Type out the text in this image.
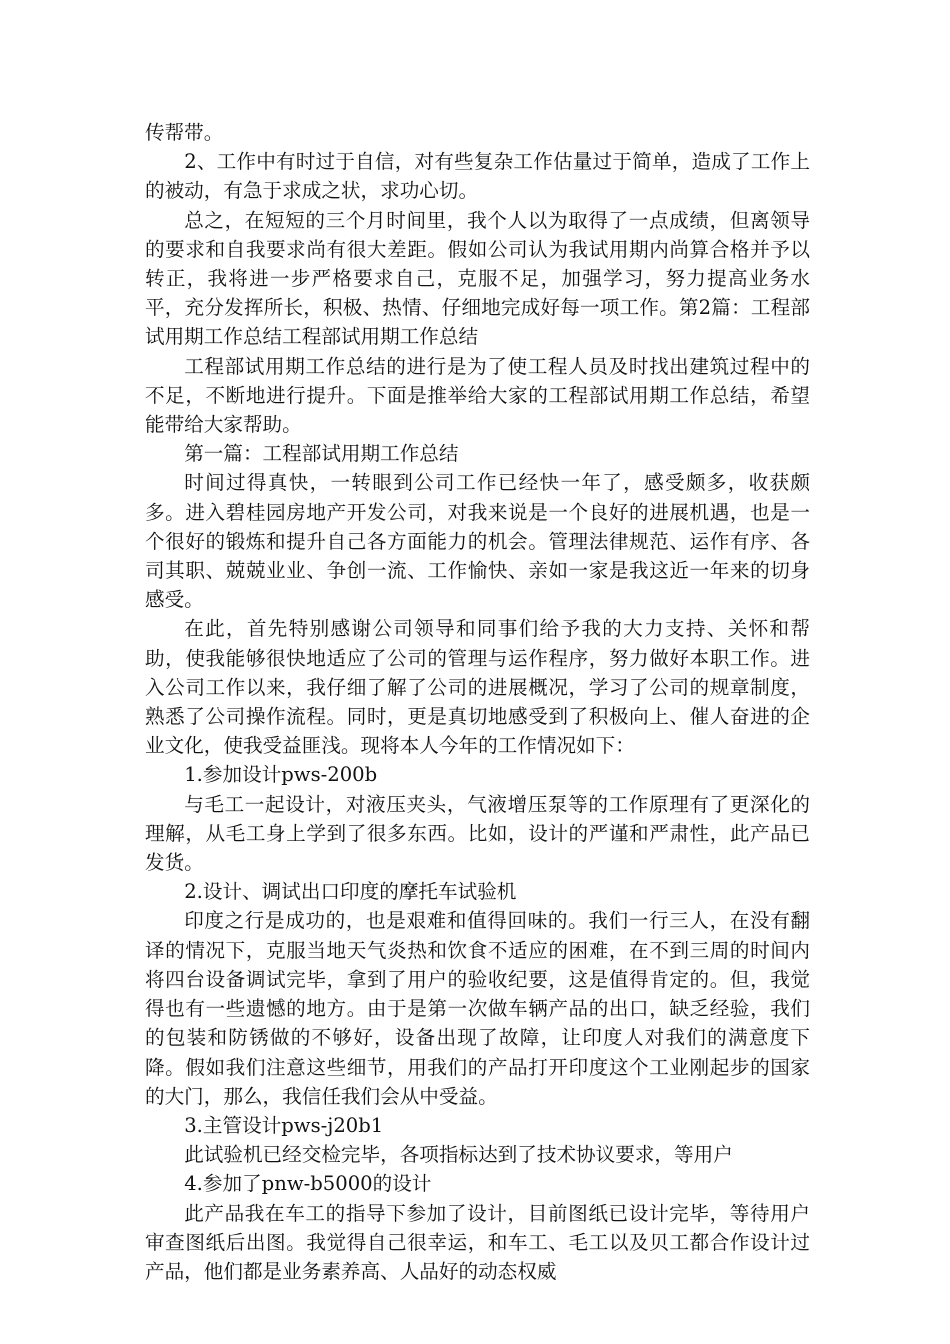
传帮带。

2、工作中有时过于自信，对有些复杂工作估量过于简单，造成了工作上的被动，有急于求成之状，求功心切。

总之，在短短的三个月时间里，我个人以为取得了一点成绩，但离领导的要求和自我要求尚有很大差距。假如公司认为我试用期内尚算合格并予以转正，我将进一步严格要求自己，克服不足，加强学习，努力提高业务水平，充分发挥所长，积极、热情、仔细地完成好每一项工作。第2篇：工程部试用期工作总结工程部试用期工作总结

工程部试用期工作总结的进行是为了使工程人员及时找出建筑过程中的不足，不断地进行提升。下面是推举给大家的工程部试用期工作总结，希望能带给大家帮助。

第一篇：工程部试用期工作总结

时间过得真快，一转眼到公司工作已经快一年了，感受颇多，收获颇多。进入碧桂园房地产开发公司，对我来说是一个良好的进展机遇，也是一个很好的锻炼和提升自己各方面能力的机会。管理法律规范、运作有序、各司其职、兢兢业业、争创一流、工作愉快、亲如一家是我这近一年来的切身感受。

在此，首先特别感谢公司领导和同事们给予我的大力支持、关怀和帮助，使我能够很快地适应了公司的管理与运作程序，努力做好本职工作。进入公司工作以来，我仔细了解了公司的进展概况，学习了公司的规章制度，熟悉了公司操作流程。同时，更是真切地感受到了积极向上、催人奋进的企业文化，使我受益匪浅。现将本人今年的工作情况如下：

1.参加设计pws-200b

与毛工一起设计，对液压夹头，气液增压泵等的工作原理有了更深化的理解，从毛工身上学到了很多东西。比如，设计的严谨和严肃性，此产品已发货。

2.设计、调试出口印度的摩托车试验机

印度之行是成功的，也是艰难和值得回味的。我们一行三人，在没有翻译的情况下，克服当地天气炎热和饮食不适应的困难，在不到三周的时间内将四台设备调试完毕，拿到了用户的验收纪要，这是值得肯定的。但，我觉得也有一些遗憾的地方。由于是第一次做车辆产品的出口，缺乏经验，我们的包装和防锈做的不够好，设备出现了故障，让印度人对我们的满意度下降。假如我们注意这些细节，用我们的产品打开印度这个工业刚起步的国家的大门，那么，我信任我们会从中受益。

3.主管设计pws-j20b1

此试验机已经交检完毕，各项指标达到了技术协议要求，等用户

4.参加了pnw-b5000的设计

此产品我在车工的指导下参加了设计，目前图纸已设计完毕，等待用户审查图纸后出图。我觉得自己很幸运，和车工、毛工以及贝工都合作设计过产品，他们都是业务素养高、人品好的动态权威
